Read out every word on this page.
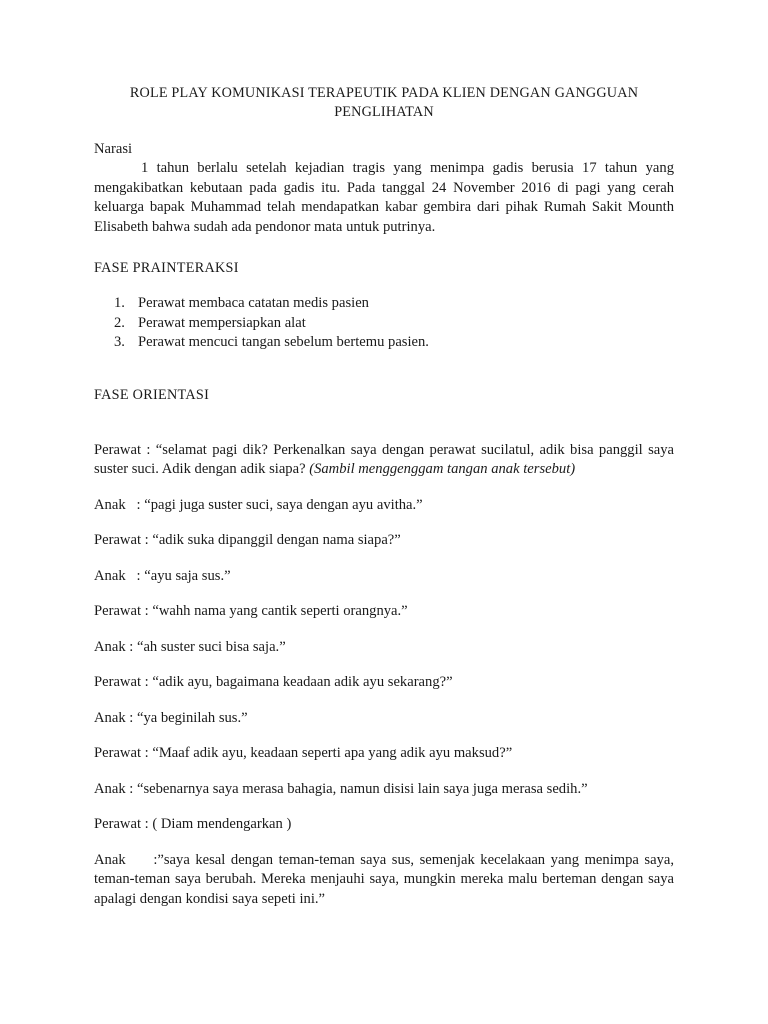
ROLE PLAY KOMUNIKASI TERAPEUTIK PADA KLIEN DENGAN GANGGUAN
PENGLIHATAN

Narasi

1 tahun berlalu setelah kejadian tragis yang menimpa gadis berusia 17 tahun yang mengakibatkan kebutaan pada gadis itu. Pada tanggal 24 November 2016 di pagi yang cerah keluarga bapak Muhammad telah mendapatkan kabar gembira dari pihak Rumah Sakit Mounth Elisabeth bahwa sudah ada pendonor mata untuk putrinya.

FASE PRAINTERAKSI
1. Perawat membaca catatan medis pasien
2. Perawat mempersiapkan alat
3. Perawat mencuci tangan sebelum bertemu pasien.
FASE ORIENTASI

Perawat : “selamat pagi dik? Perkenalkan saya dengan perawat sucilatul, adik bisa panggil saya suster suci. Adik dengan adik siapa? (Sambil menggenggam tangan anak tersebut)

Anak   : “pagi juga suster suci, saya dengan ayu avitha.”

Perawat : “adik suka dipanggil dengan nama siapa?”

Anak   : “ayu saja sus.”

Perawat : “wahh nama yang cantik seperti orangnya.”

Anak : “ah suster suci bisa saja.”

Perawat : “adik ayu, bagaimana keadaan adik ayu sekarang?”

Anak : “ya beginilah sus.”

Perawat : “Maaf adik ayu, keadaan seperti apa yang adik ayu maksud?”

Anak : “sebenarnya saya merasa bahagia, namun disisi lain saya juga merasa sedih.”

Perawat : ( Diam mendengarkan )

Anak     :”saya kesal dengan teman-teman saya sus, semenjak kecelakaan yang menimpa saya, teman-teman saya berubah. Mereka menjauhi saya, mungkin mereka malu berteman dengan saya apalagi dengan kondisi saya sepeti ini.”
